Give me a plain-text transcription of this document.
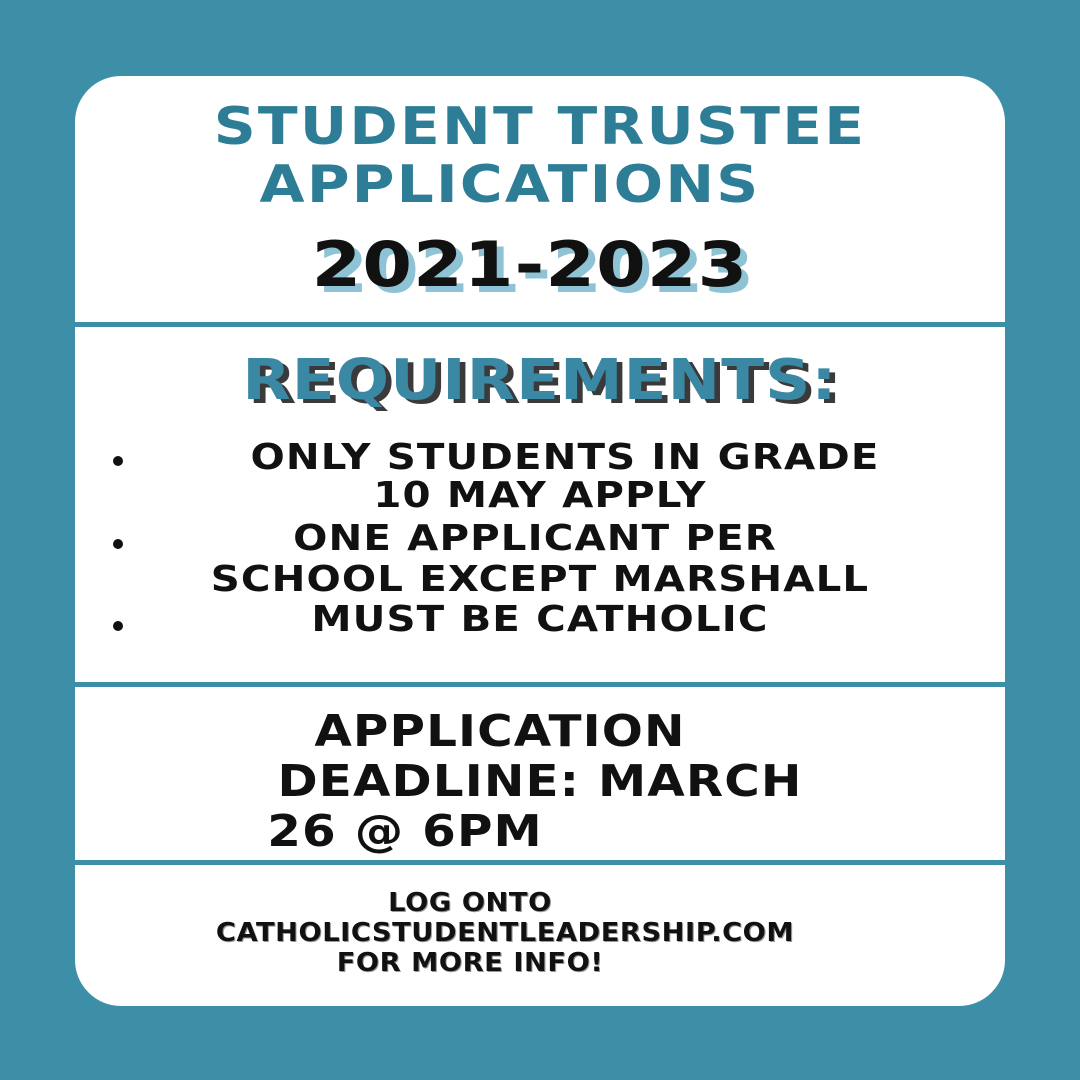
STUDENT TRUSTEE
APPLICATIONS
2021-2023
REQUIREMENTS:
ONLY STUDENTS IN GRADE
10 MAY APPLY
ONE APPLICANT PER
SCHOOL EXCEPT MARSHALL
MUST BE CATHOLIC
APPLICATION
DEADLINE: MARCH
26 @ 6PM
LOG ONTO
CATHOLICSTUDENTLEADERSHIP.COM
FOR MORE INFO!
